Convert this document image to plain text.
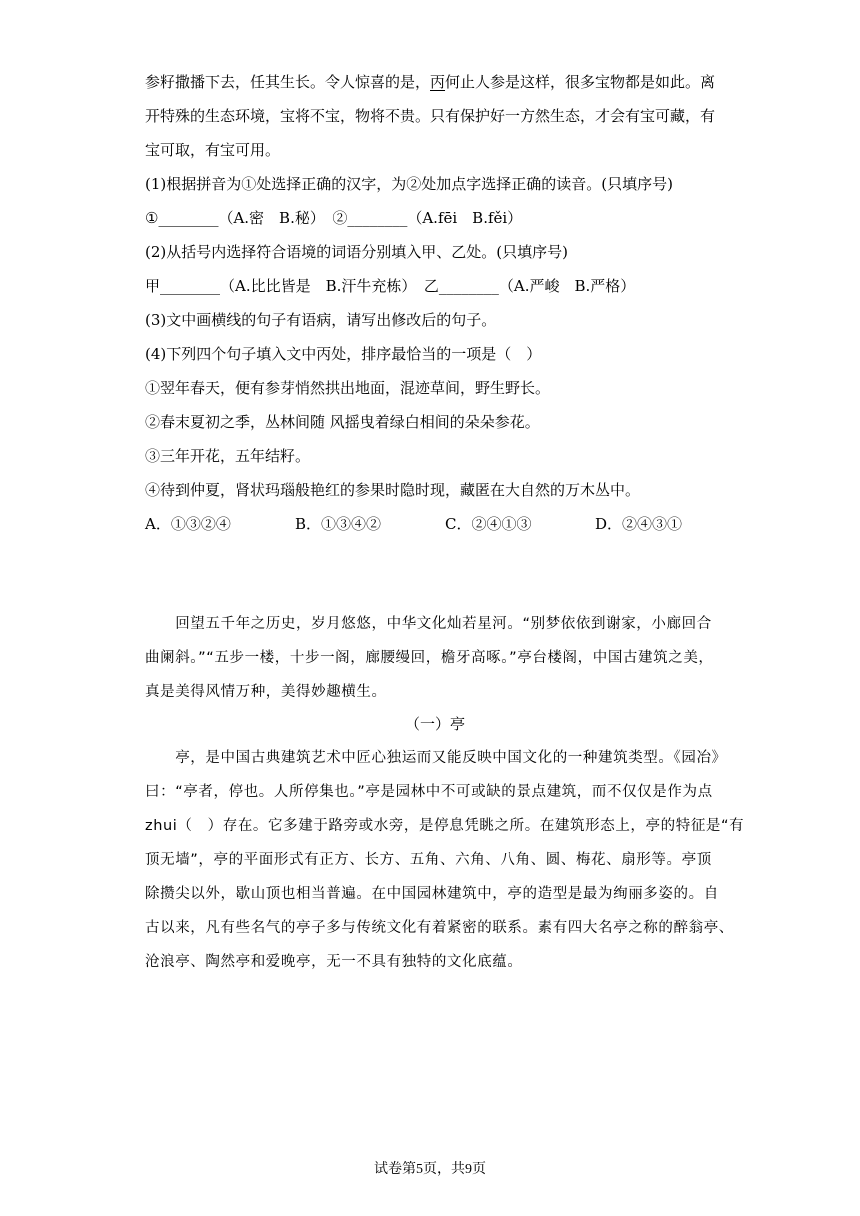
参籽撒播下去，任其生长。令人惊喜的是，丙何止人参是这样，很多宝物都是如此。离
开特殊的生态环境，宝将不宝，物将不贵。只有保护好一方然生态，才会有宝可藏，有
宝可取，有宝可用。
(1)根据拼音为①处选择正确的汉字，为②处加点字选择正确的读音。(只填序号)
①________（A.密　B.秘）　②________（A.fēi　B.fěi）
(2)从括号内选择符合语境的词语分别填入甲、乙处。(只填序号)
甲________（A.比比皆是　B.汗牛充栋）　乙________（A.严峻　B.严格）
(3)文中画横线的句子有语病，请写出修改后的句子。
(4)下列四个句子填入文中丙处，排序最恰当的一项是（　）
①翌年春天，便有参芽悄然拱出地面，混迹草间，野生野长。
②春末夏初之季，丛林间随 风摇曳着绿白相间的朵朵参花。
③三年开花，五年结籽。
④待到仲夏，肾状玛瑙般艳红的参果时隐时现，藏匿在大自然的万木丛中。
A．①③②④	B．①③④②	C．②④①③	D．②④③①
　　回望五千年之历史，岁月悠悠，中华文化灿若星河。“别梦依依到谢家，小廊回合
曲阑斜。”“五步一楼，十步一阁，廊腰缦回，檐牙高啄。”亭台楼阁，中国古建筑之美，
真是美得风情万种，美得妙趣横生。
（一）亭
　　亭，是中国古典建筑艺术中匠心独运而又能反映中国文化的一种建筑类型。《园冶》
曰：“亭者，停也。人所停集也。”亭是园林中不可或缺的景点建筑，而不仅仅是作为点
zhui（　）存在。它多建于路旁或水旁，是停息凭眺之所。在建筑形态上，亭的特征是“有
顶无墙”，亭的平面形式有正方、长方、五角、六角、八角、圆、梅花、扇形等。亭顶
除攒尖以外，歇山顶也相当普遍。在中国园林建筑中，亭的造型是最为绚丽多姿的。自
古以来，凡有些名气的亭子多与传统文化有着紧密的联系。素有四大名亭之称的醉翁亭、
沧浪亭、陶然亭和爱晚亭，无一不具有独特的文化底蕴。
试卷第5页，共9页
